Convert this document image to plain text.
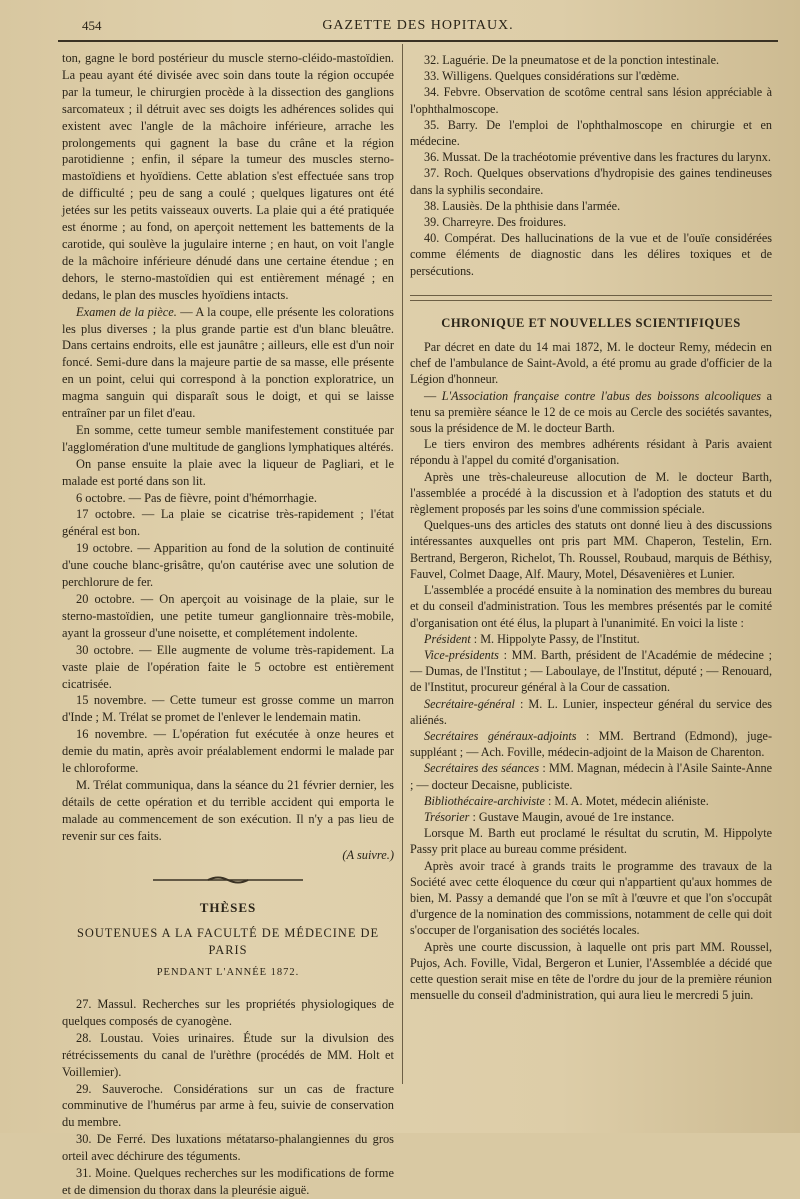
454	GAZETTE DES HOPITAUX.

ton, gagne le bord postérieur du muscle sterno-cléido-mastoïdien. La peau ayant été divisée avec soin dans toute la région occupée par la tumeur, le chirurgien procède à la dissection des ganglions sarcomateux ; il détruit avec ses doigts les adhérences solides qui existent avec l'angle de la mâchoire inférieure, arrache les prolongements qui gagnent la base du crâne et la région parotidienne ; enfin, il sépare la tumeur des muscles sterno-mastoïdiens et hyoïdiens. Cette ablation s'est effectuée sans trop de difficulté ; peu de sang a coulé ; quelques ligatures ont été jetées sur les petits vaisseaux ouverts. La plaie qui a été pratiquée est énorme ; au fond, on aperçoit nettement les battements de la carotide, qui soulève la jugulaire interne ; en haut, on voit l'angle de la mâchoire inférieure dénudé dans une certaine étendue ; en dehors, le sterno-mastoïdien qui est entièrement ménagé ; en dedans, le plan des muscles hyoïdiens intacts.

Examen de la pièce. — A la coupe, elle présente les colorations les plus diverses ; la plus grande partie est d'un blanc bleuâtre. Dans certains endroits, elle est jaunâtre ; ailleurs, elle est d'un noir foncé. Semi-dure dans la majeure partie de sa masse, elle présente en un point, celui qui correspond à la ponction exploratrice, un magma sanguin qui disparaît sous le doigt, et qui se laisse entraîner par un filet d'eau.

En somme, cette tumeur semble manifestement constituée par l'agglomération d'une multitude de ganglions lymphatiques altérés.

On panse ensuite la plaie avec la liqueur de Pagliari, et le malade est porté dans son lit.

6 octobre. — Pas de fièvre, point d'hémorrhagie.

17 octobre. — La plaie se cicatrise très-rapidement ; l'état général est bon.

19 octobre. — Apparition au fond de la solution de continuité d'une couche blanc-grisâtre, qu'on cautérise avec une solution de perchlorure de fer.

20 octobre. — On aperçoit au voisinage de la plaie, sur le sterno-mastoïdien, une petite tumeur ganglionnaire très-mobile, ayant la grosseur d'une noisette, et complétement indolente.

30 octobre. — Elle augmente de volume très-rapidement. La vaste plaie de l'opération faite le 5 octobre est entièrement cicatrisée.

15 novembre. — Cette tumeur est grosse comme un marron d'Inde ; M. Trélat se promet de l'enlever le lendemain matin.

16 novembre. — L'opération fut exécutée à onze heures et demie du matin, après avoir préalablement endormi le malade par le chloroforme.

M. Trélat communiqua, dans la séance du 21 février dernier, les détails de cette opération et du terrible accident qui emporta le malade au commencement de son exécution. Il n'y a pas lieu de revenir sur ces faits.

(A suivre.)
THÈSES
SOUTENUES A LA FACULTÉ DE MÉDECINE DE PARIS
PENDANT L'ANNÉE 1872.

27. Massul. Recherches sur les propriétés physiologiques de quelques composés de cyanogène.

28. Loustau. Voies urinaires. Étude sur la divulsion des rétrécissements du canal de l'urèthre (procédés de MM. Holt et Voillemier).

29. Sauveroche. Considérations sur un cas de fracture comminutive de l'humérus par arme à feu, suivie de conservation du membre.

30. De Ferré. Des luxations métatarso-phalangiennes du gros orteil avec déchirure des téguments.

31. Moine. Quelques recherches sur les modifications de forme et de dimension du thorax dans la pleurésie aiguë.

32. Laguérie. De la pneumatose et de la ponction intestinale.

33. Willigens. Quelques considérations sur l'œdème.

34. Febvre. Observation de scotôme central sans lésion appréciable à l'ophthalmoscope.

35. Barry. De l'emploi de l'ophthalmoscope en chirurgie et en médecine.

36. Mussat. De la trachéotomie préventive dans les fractures du larynx.

37. Roch. Quelques observations d'hydropisie des gaines tendineuses dans la syphilis secondaire.

38. Lausiès. De la phthisie dans l'armée.

39. Charreyre. Des froidures.

40. Compérat. Des hallucinations de la vue et de l'ouïe considérées comme éléments de diagnostic dans les délires toxiques et de persécutions.

CHRONIQUE ET NOUVELLES SCIENTIFIQUES

Par décret en date du 14 mai 1872, M. le docteur Remy, médecin en chef de l'ambulance de Saint-Avold, a été promu au grade d'officier de la Légion d'honneur.

— L'Association française contre l'abus des boissons alcooliques a tenu sa première séance le 12 de ce mois au Cercle des sociétés savantes, sous la présidence de M. le docteur Barth.

Le tiers environ des membres adhérents résidant à Paris avaient répondu à l'appel du comité d'organisation.

Après une très-chaleureuse allocution de M. le docteur Barth, l'assemblée a procédé à la discussion et à l'adoption des statuts et du règlement proposés par les soins d'une commission spéciale.

Quelques-uns des articles des statuts ont donné lieu à des discussions intéressantes auxquelles ont pris part MM. Chaperon, Testelin, Ern. Bertrand, Bergeron, Richelot, Th. Roussel, Roubaud, marquis de Béthisy, Fauvel, Colmet Daage, Alf. Maury, Motel, Désavenières et Lunier.

L'assemblée a procédé ensuite à la nomination des membres du bureau et du conseil d'administration. Tous les membres présentés par le comité d'organisation ont été élus, la plupart à l'unanimité. En voici la liste :

Président : M. Hippolyte Passy, de l'Institut.

Vice-présidents : MM. Barth, président de l'Académie de médecine ; — Dumas, de l'Institut ; — Laboulaye, de l'Institut, député ; — Renouard, de l'Institut, procureur général à la Cour de cassation.

Secrétaire-général : M. L. Lunier, inspecteur général du service des aliénés.

Secrétaires généraux-adjoints : MM. Bertrand (Edmond), juge-suppléant ; — Ach. Foville, médecin-adjoint de la Maison de Charenton.

Secrétaires des séances : MM. Magnan, médecin à l'Asile Sainte-Anne ; — docteur Decaisne, publiciste.

Bibliothécaire-archiviste : M. A. Motet, médecin aliéniste.

Trésorier : Gustave Maugin, avoué de 1re instance.

Lorsque M. Barth eut proclamé le résultat du scrutin, M. Hippolyte Passy prit place au bureau comme président.

Après avoir tracé à grands traits le programme des travaux de la Société avec cette éloquence du cœur qui n'appartient qu'aux hommes de bien, M. Passy a demandé que l'on se mît à l'œuvre et que l'on s'occupât d'urgence de la nomination des commissions, notamment de celle qui doit s'occuper de l'organisation des sociétés locales.

Après une courte discussion, à laquelle ont pris part MM. Roussel, Pujos, Ach. Foville, Vidal, Bergeron et Lunier, l'Assemblée a décidé que cette question serait mise en tête de l'ordre du jour de la première réunion mensuelle du conseil d'administration, qui aura lieu le mercredi 5 juin.
